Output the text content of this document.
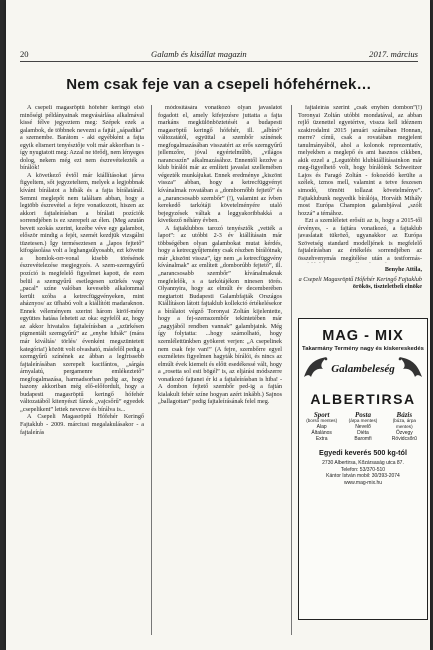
20	Galamb és kisállat magazin	2017. március
Nem csak feje van a csepeli hófehérnek…

A csepeli magasröptű hófehér keringő első minőségi példányainak megvásárlása alkalmával kissé félve jegyeztem meg: Szépek ezek a galambok, de többnek nevezni a fajtát „sápadtka” a szemembe. Barátom - aki egyébként a fajta egyik elismert tenyésztője volt már akkoriban is - így nyugtatott meg: Azzal ne törődj, nem lényeges dolog, nekem még ezt nem észrevételezték a bírálók!

A következő évtől már kiállításokat járva figyeltem, sőt jegyzeteltem, melyek a legjobbnak kívánt bírálatot a hibák és a fajta bírálatánál. Semmi meglepőt nem találtam abban, hogy a legtöbb észrevétel a fejre vonatkozott, hiszen az akkori fajtaleírásban a bírálati pozíciók sorrendjében is ez szerepelt az élen. (Meg azután bevett szokás szerint, kezébe véve egy galambot, először mindig a fejét, szemét kezdjük vizsgálni tüzetesen.) Így terméseztesen a „lapos fejtető” kifogásolása volt a leghangsúlyosabb, ezt követte a homlok-orr-vonal kisebb törésének észrevételezése megjegyzés. A szem-szemgyűrű pozíció is megfelelő figyelmet kapott, de ezen belül a szemgyűrű esetlegesen szürkés vagy „pacal” színe valóban kevesebb alkalommal került szóba a ketrecfüggvényeken, mint aháznyos/ az üfhabú volt a kiállítótt madaraknon. Ennek véleményem szerint három kiröf-mény együttes hatása lehetett az oka: egyfelől az, hogy az akkor hivatalos fajtaleírásban a „szürkésen pigmentált szemgyűrű” az „enyhe hibák” (mára már kiváltás/ törlés/ évenként megszüntetett kategória!) között volt olvasható, másfelől pedig a szemgyűrű színének az ábban a legfrissebb fajtaleírásában szerepelt kacifántos, „sárgás árnyalatú, pergamenre emlékeztető” megfogalmazása, harmadsorban pedig az, hogy hazony akkoriban még elő-előfordult, hogy a budapesti magasröptű keringő hófehér változatából kitenyészt fánok „vajcsőrű” egyedek „csepelikent” lettek nevezve és bírálva is...

A Csepeli Magasröptű Hófehér Keringő Fajtaklub - 2009. márciusi megalakulásakor - a fajtaleírás

módosítására vonatkozó olyan javaslatot fogadott el, amely kifejezésre juttatta a fajta markáns megkülönböztetését a budapesti magasröptű keringő hófehér, ill. „albínó” változatától, együttal a szembőr színének megfogalmazásában visszatért az erős szemgyűrű jellemzőre, jóval egyértelműbb, „világos narancsszín” alkalmazásához. Ennentől kezdve a klub bírálói már az említett javaslat szellemében végezték munkájukat. Ennek eredménye „kiszönt vissza” abban, hogy a ketrecfüggvényt kívánalmak rovatában a „dombornőbb fejtető” és a „narancsosabb szembőr” (!), valamint az ívben kerekedő tarkótáji követelményére utaló bejegyzések váltak a leggyakoribbakká a kivetkező néhány évben.

A fajtaklubbos tarozó tenyésztők „vették a lapot”: az utóbbi 2-3 év kiállításain már többségében olyan galambokat mutat kérdés, hogy a ketrecgyűjtemény csak részben bírálóinak, már „kiszönt vissza”, így nem „a ketrecfüggvény kívánalmak” az említett „domborúbb fejtető”, ill. „narancsosabb szembőr” kívánalmaknak megfelelők, s a tarkótájékon ninesen törés. Olyannyira, hogy az elmúlt év decemberében megtartott Budapesti Galambfajták Országos Kiállításon látott fajtaklub kollekció értékelésekor a bírálatot végző Toronyai Zoltán kijelentette, hogy a fej-szemszembőr tekintetében már „nagyjából rendben vannak” galambjaink. Még így folytatta: ...hogy számolható, hogy szemlélettünkben gyökeret verjen: „A csepelinek nem csak feje van!” (A fejre, szembőrre egyel eszméletes figyelmen hagyták bírálói, és nincs az elmúlt évek kiemelt és előtt esedékessé vált, hogy a „rosetta sol esti bögél” is, az eljárási módszerre vonatkozó fajtanei ér ki a fajtaleírásban is hiba! - A dombon fejtető szembőr ped-ig a fajtán kialakult fehér színe hogyan azért inkább.) Sajnos „ballagottan” pedig fajtaleírásának felel meg.

fajtaleírás szerint „csak enyhén dombon”(!) Toronyai Zoltán utóbbi mondatával, az abban rejlő üzenettel egyetértve, vissza kell idéznem szakirodalmi 2015 januári számában Honnan, merre? című, csak a rovatában megjelent tanulmányából, ahol a kolonok reprezentatív, melyekben a meglepő és ami hasznos cikkben, akik ezzel a „Legutóbbi klubkiállításainkon már meg-figyelhető volt, hogy bírálóink Schweitzer Lajos és Faragó Zoltán - fokozódó kerülte a szélek, izmos mell, valamint a tetve feszesen simodó, tömött tollazat követelménye”. Fajtaklubunk negyedik bírálója, Horváth Mihály most Európa Champion galambjával „szólt hozzá” a témához.

Ezt a szemléletet erősíti az is, hogy a 2015-től érvényes, - a fajtára vonatkozó, a fajtaklub javaslatait tükröző, ugyanakkor az Európa Szövetség standard modelljének is megfelelő fajtaleírásban az értékelés sorrendjében az összehvenymás megítélése után a testformás-

Benyhe Attila,
a Csepeli Magasröptű Hófehér Keringő Fajtaklub örökös, tiszteletbeli elnöke
MAG - MIX
Takarmány Termény nagy és kiskereskedés
Galambeleség
ALBERTIRSA
Sport
(borsó mentes)
Alap
Általános
Extra
Posta
(árpa mentes)
Nevelő
Diéta
Baromfi
Bázis
(búza, árpa mentes)
Özvegy
Rövidcsőrű
Egyedi keverés 500 kg-tól
2730 Albertirsa, Kőzársaság utca 87.
Telefon: 53/370-510
Kántor István mobil: 30/393-2074
www.mag-mix.hu
